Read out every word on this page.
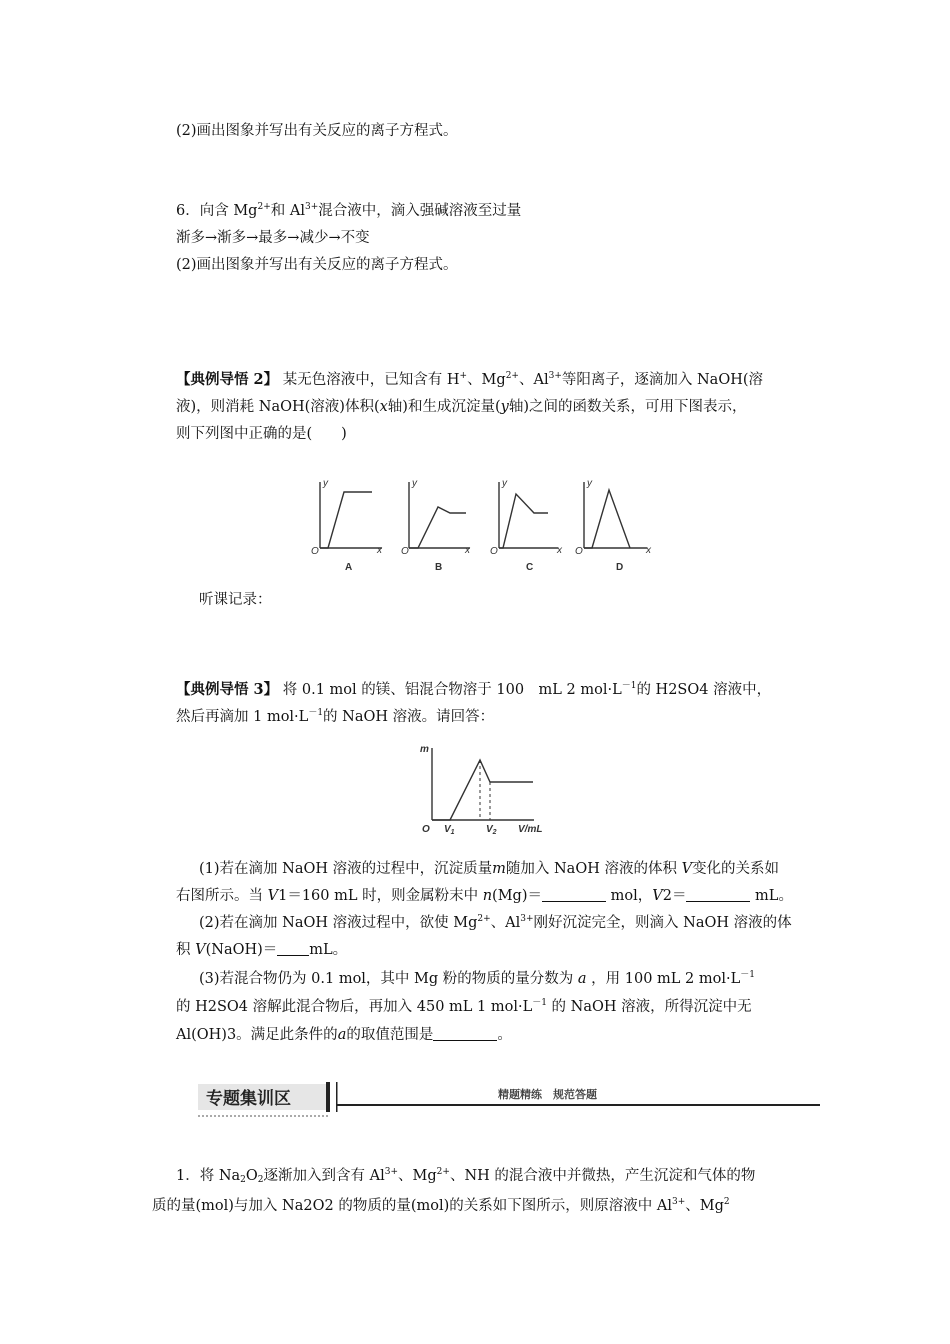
(2)画出图象并写出有关反应的离子方程式。
6．向含 $Mg^{2+}$和 $Al^{3+}$混合液中，滴入强碱溶液至过量
渐多→渐多→最多→减少→不变
(2)画出图象并写出有关反应的离子方程式。
【典例导悟 2】 某无色溶液中，已知含有 H+、$Mg^{2+}$、$Al^{3+}$等阳离子，逐滴加入 NaOH(溶
液)，则消耗 NaOH(溶液)体积(x轴)和生成沉淀量(y轴)之间的函数关系，可用下图表示，
则下列图中正确的是(　　)
y	y	y	y
x	x	x	x
O	O	O	O
A	B	C	D
听课记录：
【典例导悟 3】 将 0.1 mol 的镁、铝混合物溶于 100　mL 2 $mol\cdot L^{-1}$的 H2SO4 溶液中，
然后再滴加 1 $mol\cdot L^{-1}$的 NaOH 溶液。请回答：
m
O $V_1$	$V_2$ V/mL
(1)若在滴加 NaOH 溶液的过程中，沉淀质量m随加入 NaOH 溶液的体积 V变化的关系如
右图所示。当 V1＝160 mL 时，则金属粉末中 n(Mg)＝	mol，V2＝	mL。
(2)若在滴加 NaOH 溶液过程中，欲使 $Mg^{2+}$、$Al^{3+}$刚好沉淀完全，则滴入 NaOH 溶液的体
积 V(NaOH)＝ mL。
(3)若混合物仍为 0.1 mol，其中 Mg 粉的物质的量分数为 a ，用 100 mL 2 $mol\cdot L^{-1}$
的 H2SO4 溶解此混合物后，再加入 450 mL 1 $mol\cdot L^{-1}$ 的 NaOH 溶液，所得沉淀中无
Al(OH)3。满足此条件的a的取值范围是	。
专题集训区	精题精练　规范答题
1．将 $Na_2O_2$逐渐加入到含有 $Al^{3+}$、$Mg^{2+}$、NH 的混合液中并微热，产生沉淀和气体的物
质的量(mol)与加入 Na2O2 的物质的量(mol)的关系如下图所示，则原溶液中 $Al^{3+}$、Mg$^2$
